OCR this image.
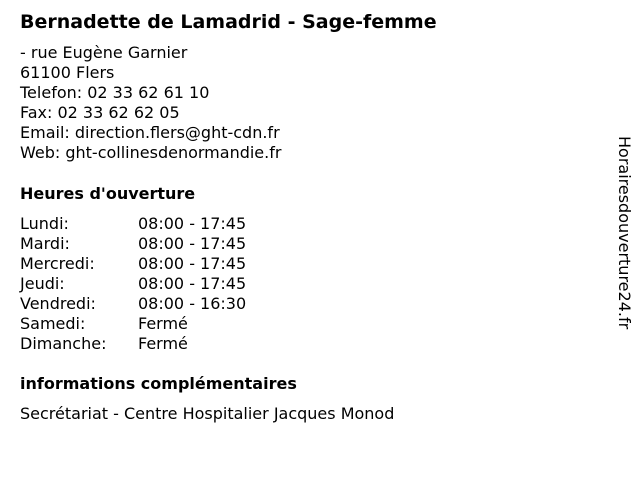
Bernadette de Lamadrid - Sage-femme
- rue Eugène Garnier
61100 Flers
Telefon: 02 33 62 61 10
Fax: 02 33 62 62 05
Email: direction.flers@ght-cdn.fr
Web: ght-collinesdenormandie.fr
Heures d'ouverture
Lundi:	08:00 - 17:45
Mardi:	08:00 - 17:45
Mercredi:	08:00 - 17:45
Jeudi:	08:00 - 17:45
Vendredi:	08:00 - 16:30
Samedi:	Fermé
Dimanche:	Fermé
informations complémentaires
Secrétariat - Centre Hospitalier Jacques Monod
Horairesdouverture24.fr
